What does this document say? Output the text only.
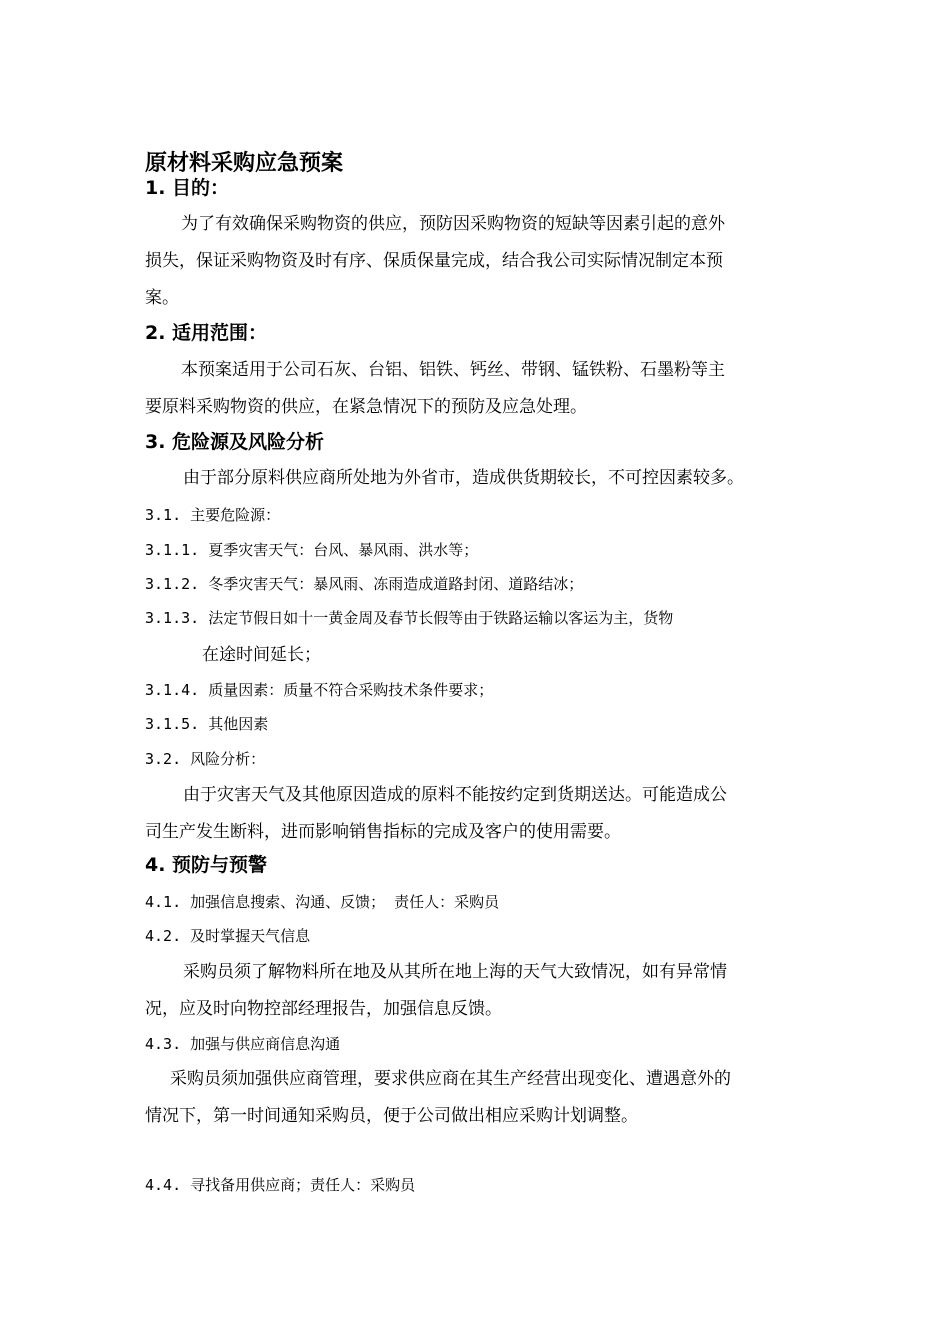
原材料采购应急预案
1. 目的：
为了有效确保采购物资的供应，预防因采购物资的短缺等因素引起的意外
损失，保证采购物资及时有序、保质保量完成，结合我公司实际情况制定本预
案。
2. 适用范围：
本预案适用于公司石灰、台铝、铝铁、钙丝、带钢、锰铁粉、石墨粉等主
要原料采购物资的供应，在紧急情况下的预防及应急处理。
3. 危险源及风险分析
由于部分原料供应商所处地为外省市，造成供货期较长，不可控因素较多。
3.1. 主要危险源：
3.1.1. 夏季灾害天气：台风、暴风雨、洪水等；
3.1.2. 冬季灾害天气：暴风雨、冻雨造成道路封闭、道路结冰；
3.1.3. 法定节假日如十一黄金周及春节长假等由于铁路运输以客运为主，货物
在途时间延长；
3.1.4. 质量因素：质量不符合采购技术条件要求；
3.1.5. 其他因素
3.2. 风险分析：
由于灾害天气及其他原因造成的原料不能按约定到货期送达。可能造成公
司生产发生断料，进而影响销售指标的完成及客户的使用需要。
4. 预防与预警
4.1. 加强信息搜索、沟通、反馈； 责任人：采购员
4.2. 及时掌握天气信息
采购员须了解物料所在地及从其所在地上海的天气大致情况，如有异常情
况，应及时向物控部经理报告，加强信息反馈。
4.3. 加强与供应商信息沟通
采购员须加强供应商管理，要求供应商在其生产经营出现变化、遭遇意外的
情况下，第一时间通知采购员，便于公司做出相应采购计划调整。
4.4. 寻找备用供应商；责任人：采购员
